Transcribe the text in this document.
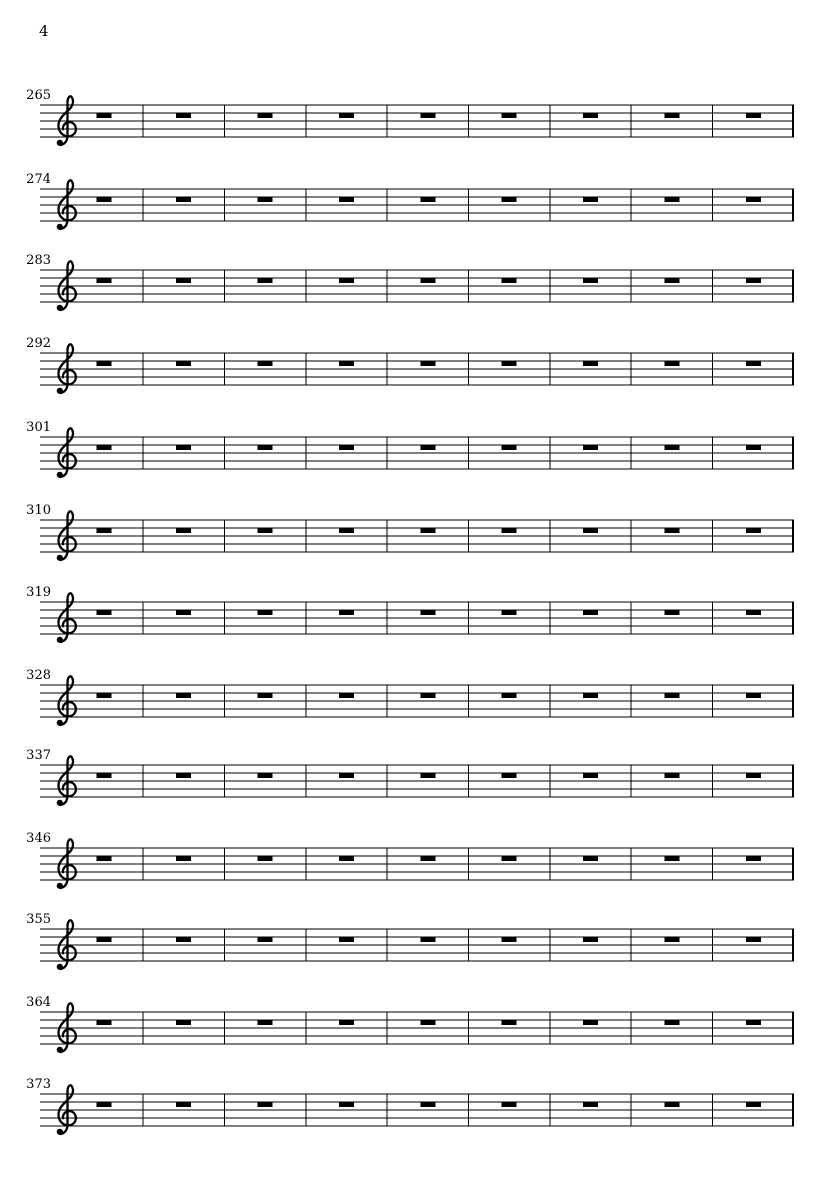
4
265
274
283
292
301
310
319
328
337
346
355
364
373
